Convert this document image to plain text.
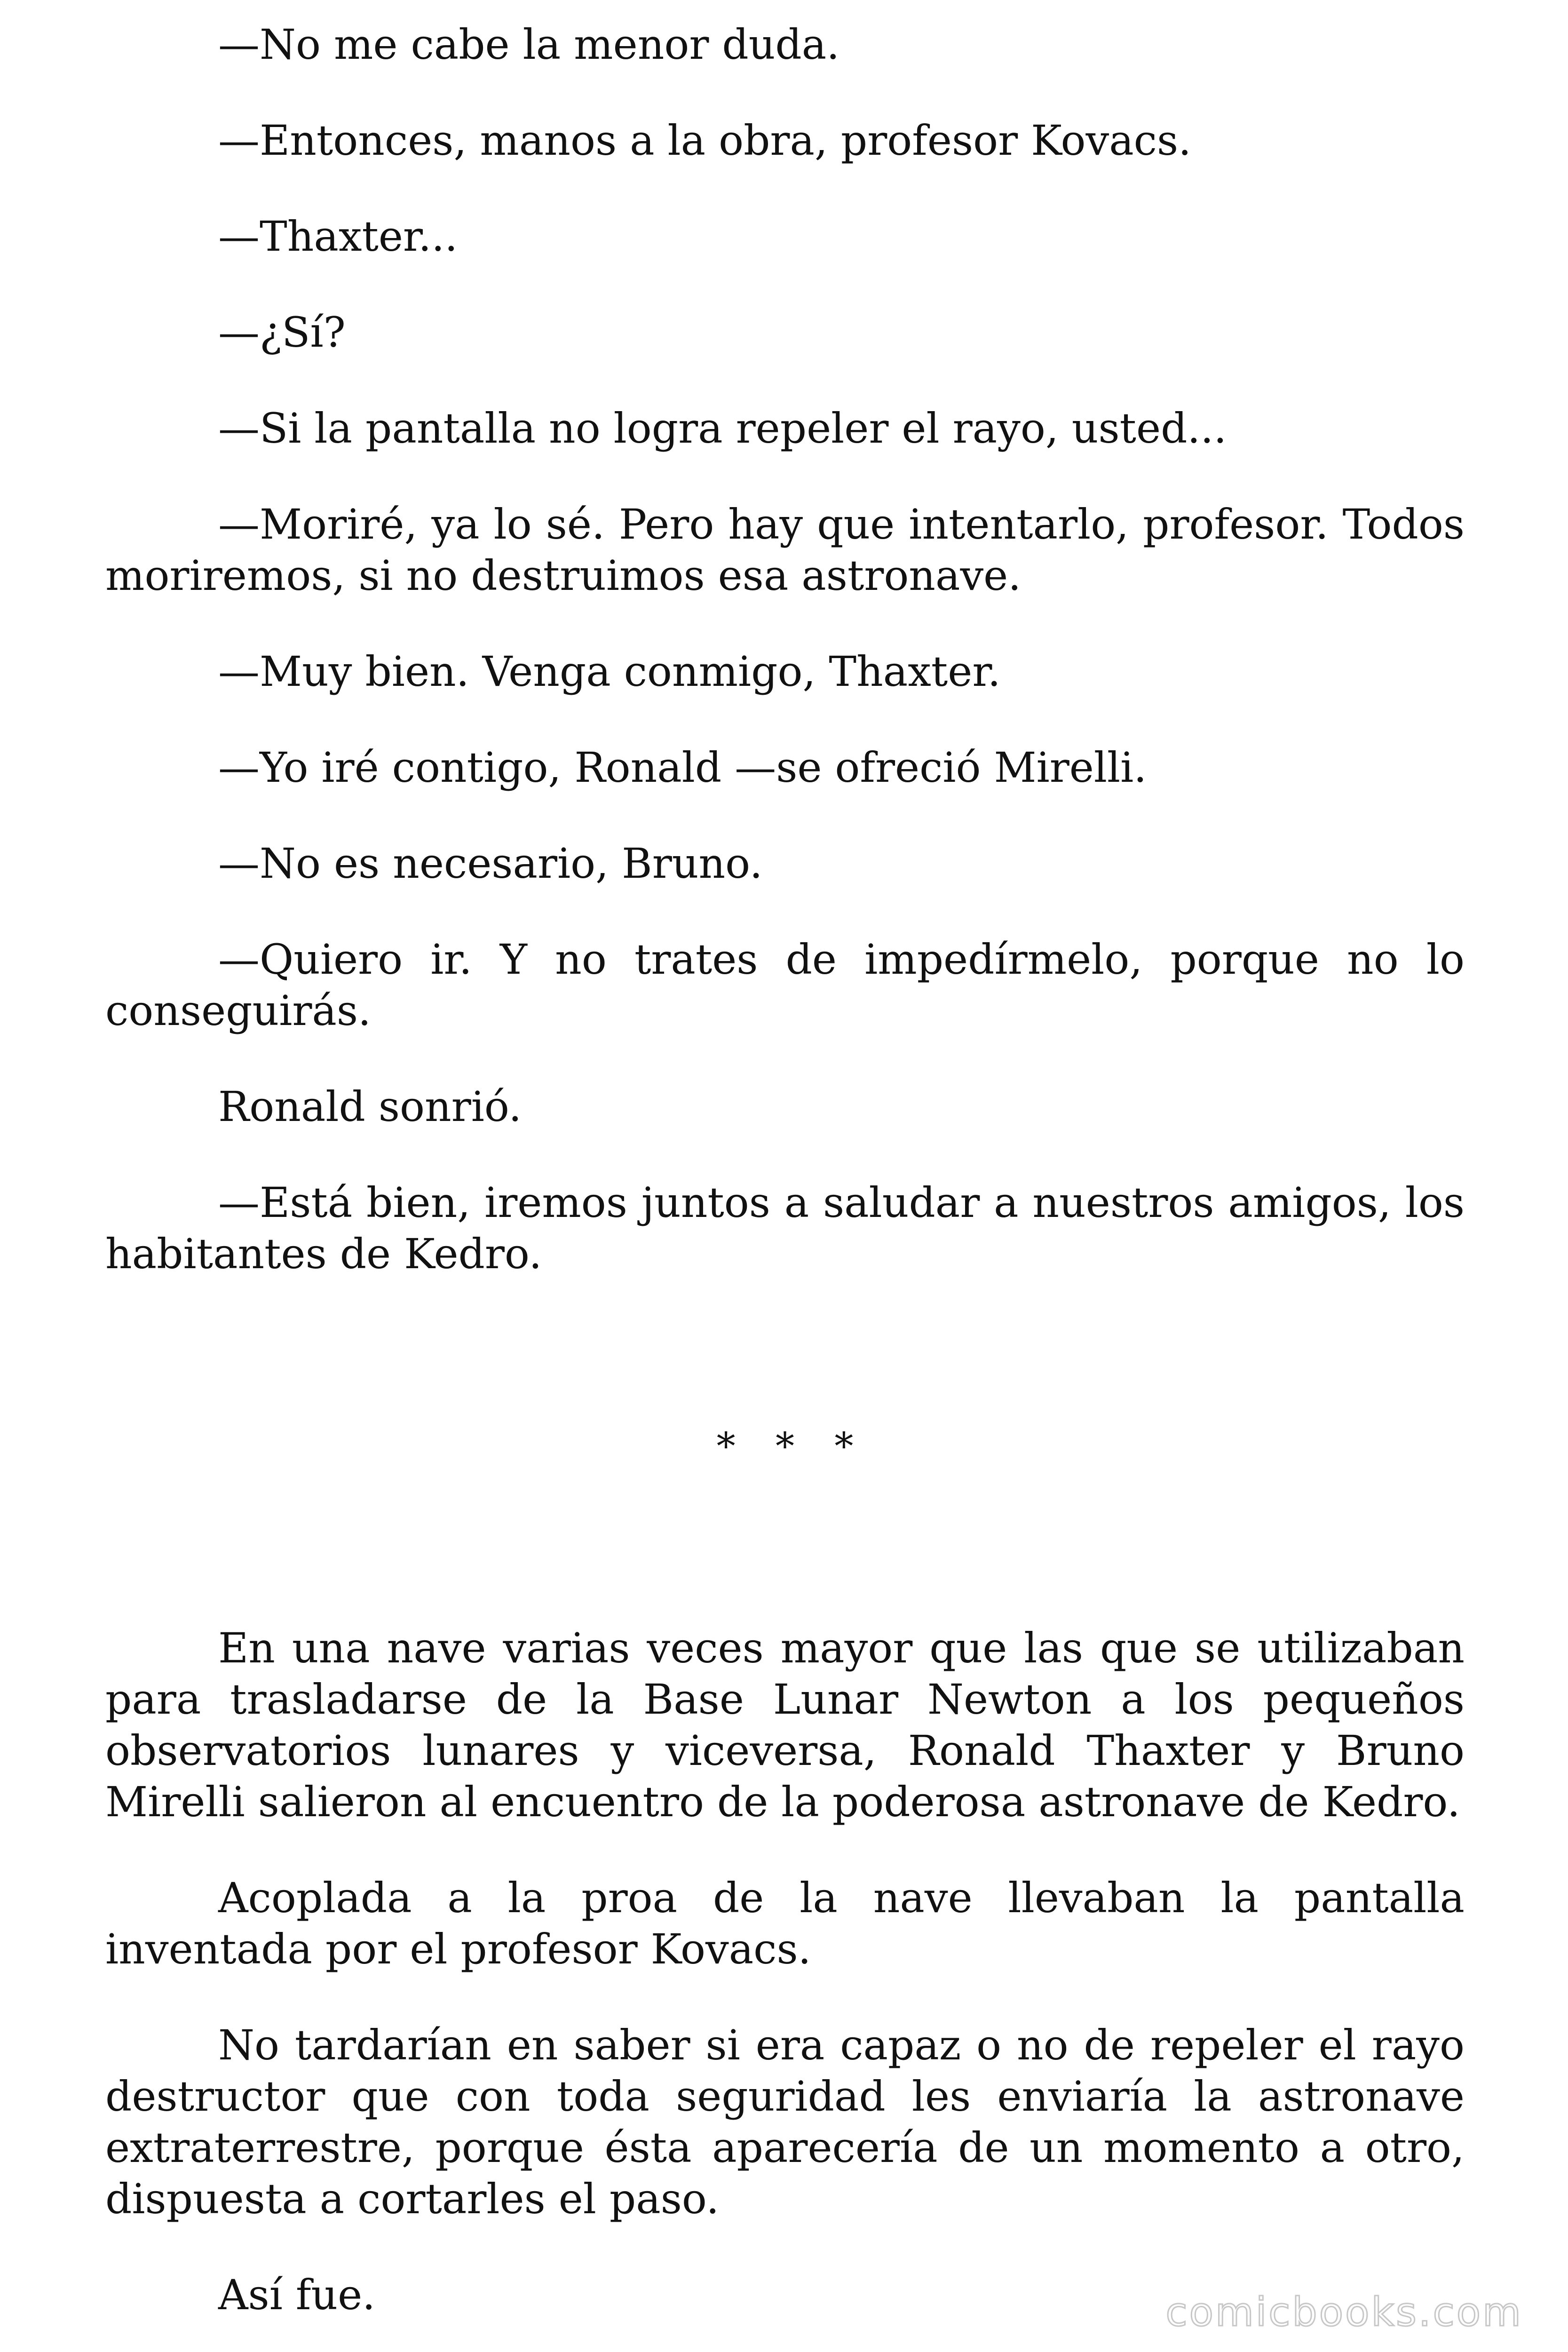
—No me cabe la menor duda.

—Entonces, manos a la obra, profesor Kovacs.

—Thaxter...

—¿Sí?

—Si la pantalla no logra repeler el rayo, usted...

—Moriré, ya lo sé. Pero hay que intentarlo, profesor. Todos moriremos, si no destruimos esa astronave.

—Muy bien. Venga conmigo, Thaxter.

—Yo iré contigo, Ronald —se ofreció Mirelli.

—No es necesario, Bruno.

—Quiero ir. Y no trates de impedírmelo, porque no lo conseguirás.

Ronald sonrió.

—Está bien, iremos juntos a saludar a nuestros amigos, los habitantes de Kedro.

* * *

En una nave varias veces mayor que las que se utilizaban para trasladarse de la Base Lunar Newton a los pequeños observatorios lunares y viceversa, Ronald Thaxter y Bruno Mirelli salieron al encuentro de la poderosa astronave de Kedro.

Acoplada a la proa de la nave llevaban la pantalla inventada por el profesor Kovacs.

No tardarían en saber si era capaz o no de repeler el rayo destructor que con toda seguridad les enviaría la astronave extraterrestre, porque ésta aparecería de un momento a otro, dispuesta a cortarles el paso.

Así fue.	comicbooks.com
